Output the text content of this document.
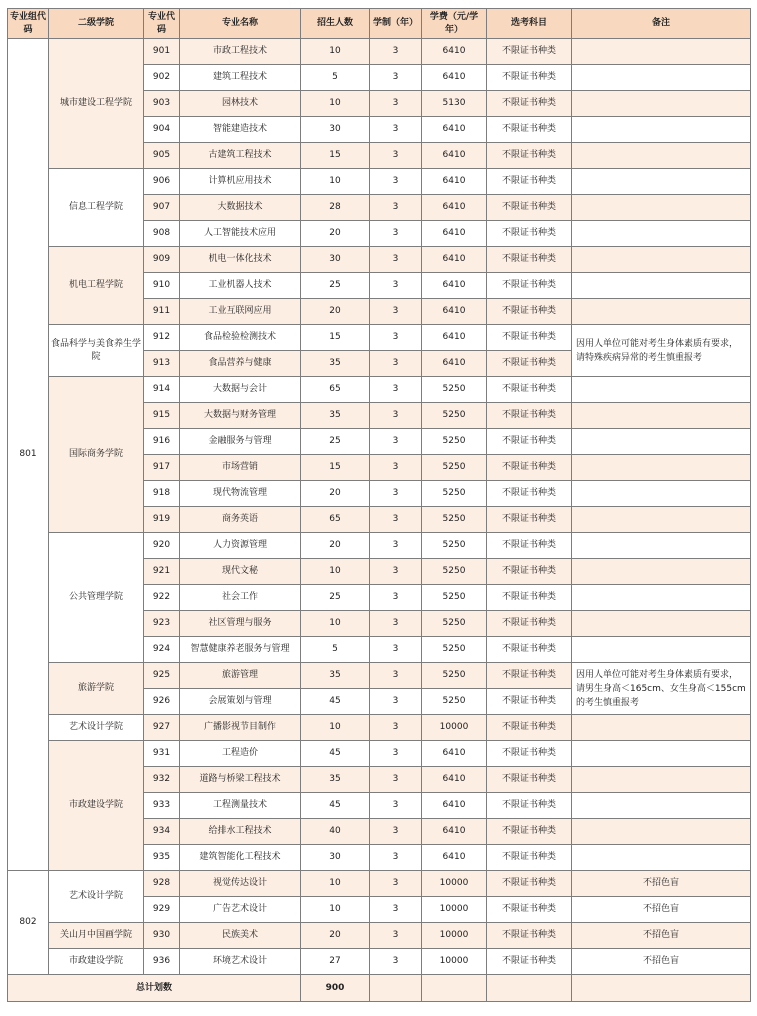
专业组代码	二级学院	专业代码	专业名称	招生人数	学制（年）	学费（元/学年）	选考科目	备注
801	城市建设工程学院	901	市政工程技术	10	3	6410	不限证书种类	
		902	建筑工程技术	5	3	6410	不限证书种类	
		903	园林技术	10	3	5130	不限证书种类	
		904	智能建造技术	30	3	6410	不限证书种类	
		905	古建筑工程技术	15	3	6410	不限证书种类	
	信息工程学院	906	计算机应用技术	10	3	6410	不限证书种类	
		907	大数据技术	28	3	6410	不限证书种类	
		908	人工智能技术应用	20	3	6410	不限证书种类	
	机电工程学院	909	机电一体化技术	30	3	6410	不限证书种类	
		910	工业机器人技术	25	3	6410	不限证书种类	
		911	工业互联网应用	20	3	6410	不限证书种类	
	食品科学与美食养生学院	912	食品检验检测技术	15	3	6410	不限证书种类	因用人单位可能对考生身体素质有要求，请特殊疾病异常的考生慎重报考
		913	食品营养与健康	35	3	6410	不限证书种类	
	国际商务学院	914	大数据与会计	65	3	5250	不限证书种类	
		915	大数据与财务管理	35	3	5250	不限证书种类	
		916	金融服务与管理	25	3	5250	不限证书种类	
		917	市场营销	15	3	5250	不限证书种类	
		918	现代物流管理	20	3	5250	不限证书种类	
		919	商务英语	65	3	5250	不限证书种类	
	公共管理学院	920	人力资源管理	20	3	5250	不限证书种类	
		921	现代文秘	10	3	5250	不限证书种类	
		922	社会工作	25	3	5250	不限证书种类	
		923	社区管理与服务	10	3	5250	不限证书种类	
		924	智慧健康养老服务与管理	5	3	5250	不限证书种类	
	旅游学院	925	旅游管理	35	3	5250	不限证书种类	因用人单位可能对考生身体素质有要求，请男生身高＜165cm、女生身高＜155cm的考生慎重报考
		926	会展策划与管理	45	3	5250	不限证书种类	
	艺术设计学院	927	广播影视节目制作	10	3	10000	不限证书种类	
	市政建设学院	931	工程造价	45	3	6410	不限证书种类	
		932	道路与桥梁工程技术	35	3	6410	不限证书种类	
		933	工程测量技术	45	3	6410	不限证书种类	
		934	给排水工程技术	40	3	6410	不限证书种类	
		935	建筑智能化工程技术	30	3	6410	不限证书种类	
802	艺术设计学院	928	视觉传达设计	10	3	10000	不限证书种类	不招色盲
		929	广告艺术设计	10	3	10000	不限证书种类	不招色盲
	关山月中国画学院	930	民族美术	20	3	10000	不限证书种类	不招色盲
	市政建设学院	936	环境艺术设计	27	3	10000	不限证书种类	不招色盲
总计划数				900				
